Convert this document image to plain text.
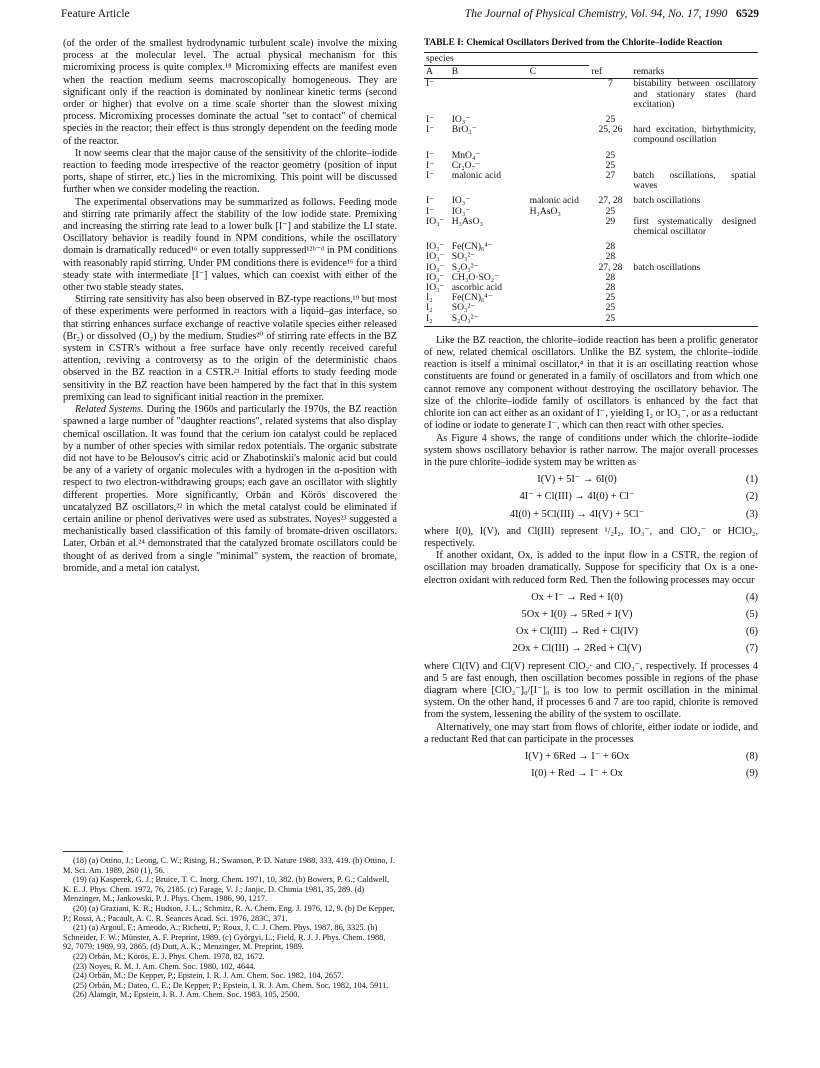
Feature Article	The Journal of Physical Chemistry, Vol. 94, No. 17, 1990 6529

(of the order of the smallest hydrodynamic turbulent scale) involve the mixing process at the molecular level. The actual physical mechanism for this micromixing process is quite complex.¹⁸ Micromixing effects are manifest even when the reaction medium seems macroscopically homogeneous. They are significant only if the reaction is dominated by nonlinear kinetic terms (second order or higher) that evolve on a time scale shorter than the slowest mixing process. Micromixing processes dominate the actual "set to contact" of chemical species in the reactor; their effect is thus strongly dependent on the feeding mode of the reactor.

It now seems clear that the major cause of the sensitivity of the chlorite–iodide reaction to feeding mode irrespective of the reactor geometry (position of input ports, shape of stirrer, etc.) lies in the micromixing. This point will be discussed further when we consider modeling the reaction.

The experimental observations may be summarized as follows. Feeding mode and stirring rate primarily affect the stability of the low iodide state. Premixing and increasing the stirring rate lead to a lower bulk [I⁻] and stabilize the LI state. Oscillatory behavior is readily found in NPM conditions, while the oscillatory domain is dramatically reduced¹⁶ or even totally suppressed¹²ᵇ⁻ᵈ in PM conditions with reasonably rapid stirring. Under PM conditions there is evidence¹⁶ for a third steady state with intermediate [I⁻] values, which can coexist with either of the other two stable steady states.

Stirring rate sensitivity has also been observed in BZ-type reactions,¹⁹ but most of these experiments were performed in reactors with a liquid–gas interface, so that stirring enhances surface exchange of reactive volatile species either released (Br₂) or dissolved (O₂) by the medium. Studies²⁰ of stirring rate effects in the BZ system in CSTR's without a free surface have only recently received careful attention, reviving a controversy as to the origin of the deterministic chaos observed in the BZ reaction in a CSTR.²¹ Initial efforts to study feeding mode sensitivity in the BZ reaction have been hampered by the fact that in this system premixing can lead to significant initial reaction in the premixer.

Related Systems. During the 1960s and particularly the 1970s, the BZ reaction spawned a large number of "daughter reactions", related systems that also display chemical oscillation. It was found that the cerium ion catalyst could be replaced by a number of other species with similar redox potentials. The organic substrate did not have to be Belousov's citric acid or Zhabotinskii's malonic acid but could be any of a variety of organic molecules with a hydrogen in the α-position with respect to two electron-withdrawing groups; each gave an oscillator with slightly different properties. More significantly, Orbán and Körös discovered the uncatalyzed BZ oscillators,²² in which the metal catalyst could be eliminated if certain aniline or phenol derivatives were used as substrates. Noyes²³ suggested a mechanistically based classification of this family of bromate-driven oscillators. Later, Orbán et al.²⁴ demonstrated that the catalyzed bromate oscillators could be thought of as derived from a single "minimal" system, the reaction of bromate, bromide, and a metal ion catalyst.

(18) (a) Ottino, J.; Leong, C. W.; Rising, H.; Swanson, P. D. Nature 1988, 333, 419. (b) Ottino, J. M. Sci. Am. 1989, 260 (1), 56.
(19) (a) Kasperek, G. J.; Bruice, T. C. Inorg. Chem. 1971, 10, 382. (b) Bowers, P. G.; Caldwell, K. E. J. Phys. Chem. 1972, 76, 2185. (c) Farage, V. J.; Janjic, D. Chimia 1981, 35, 289. (d) Menzinger, M.; Jankowski, P. J. Phys. Chem. 1986, 90, 1217.
(20) (a) Graziani, K. R.; Hudson, J. L.; Schmitz, R. A. Chem. Eng. J. 1976, 12, 9. (b) De Kepper, P.; Rossi, A.; Pacault, A. C. R. Seances Acad. Sci. 1976, 283C, 371.
(21) (a) Argoul, F.; Arneodo, A.; Richetti, P.; Roux, J. C. J. Chem. Phys. 1987, 86, 3325. (b) Schneider, F. W.; Münster, A. F. Preprint, 1989. (c) Györgyi, L.; Field, R. J. J. Phys. Chem. 1988, 92, 7079; 1989, 93, 2865. (d) Dutt, A. K.; Menzinger, M. Preprint, 1989.
(22) Orbán, M.; Körös, E. J. Phys. Chem. 1978, 82, 1672.
(23) Noyes, R. M. J. Am. Chem. Soc. 1980, 102, 4644.
(24) Orbán, M.; De Kepper, P.; Epstein, I. R. J. Am. Chem. Soc. 1982, 104, 2657.
(25) Orbán, M.; Dateo, C. E.; De Kepper, P.; Epstein, I. R. J. Am. Chem. Soc. 1982, 104, 5911.
(26) Alamgir, M.; Epstein, I. R. J. Am. Chem. Soc. 1983, 105, 2500.
TABLE I: Chemical Oscillators Derived from the Chlorite–Iodide Reaction
species				
A	B	C	ref	remarks
I⁻			7	bistability between oscillatory and stationary states (hard excitation)
I⁻	IO₃⁻		25	
I⁻	BrO₃⁻		25, 26	hard excitation, birhythmicity, compound oscillation
I⁻	MnO₄⁻		25	
I⁻	Cr₂O₇⁻		25	
I⁻	malonic acid		27	batch oscillations, spatial waves
I⁻	IO₃⁻	malonic acid	27, 28	batch oscillations
I⁻	IO₃⁻	H₃AsO₃	25	
IO₃⁻	H₃AsO₃		29	first systematically designed chemical oscillator
IO₃⁻	Fe(CN)₆⁴⁻		28	
IO₃⁻	SO₃²⁻		28	
IO₃⁻	S₂O₃²⁻		27, 28	batch oscillations
IO₃⁻	CH₃O·SO₂⁻		28	
IO₃⁻	ascorbic acid		28	
I₂	Fe(CN)₆⁴⁻		25	
I₂	SO₃²⁻		25	
I₂	S₂O₃²⁻		25	

Like the BZ reaction, the chlorite–iodide reaction has been a prolific generator of new, related chemical oscillators. Unlike the BZ system, the chlorite–iodide reaction is itself a minimal oscillator,⁴ in that it is an oscillating reaction whose constituents are found or generated in a family of oscillators and from which one cannot remove any component without destroying the oscillatory behavior. The size of the chlorite–iodide family of oscillators is enhanced by the fact that chlorite ion can act either as an oxidant of I⁻, yielding I₂ or IO₃⁻, or as a reductant of iodine or iodate to generate I⁻, which can then react with other species.

As Figure 4 shows, the range of conditions under which the chlorite–iodide system shows oscillatory behavior is rather narrow. The major overall processes in the pure chlorite–iodide system may be written as

I(V) + 5I⁻ → 6I(0)	(1)
4I⁻ + Cl(III) → 4I(0) + Cl⁻	(2)
4I(0) + 5Cl(III) → 4I(V) + 5Cl⁻	(3)

where I(0), I(V), and Cl(III) represent ¹/₂I₂, IO₃⁻, and ClO₂⁻ or HClO₂, respectively.

If another oxidant, Ox, is added to the input flow in a CSTR, the region of oscillation may broaden dramatically. Suppose for specificity that Ox is a one-electron oxidant with reduced form Red. Then the following processes may occur

Ox + I⁻ → Red + I(0)	(4)
5Ox + I(0) → 5Red + I(V)	(5)
Ox + Cl(III) → Red + Cl(IV)	(6)
2Ox + Cl(III) → 2Red + Cl(V)	(7)

where Cl(IV) and Cl(V) represent ClO₂· and ClO₃⁻, respectively. If processes 4 and 5 are fast enough, then oscillation becomes possible in regions of the phase diagram where [ClO₂⁻]₀/[I⁻]₀ is too low to permit oscillation in the minimal system. On the other hand, if processes 6 and 7 are too rapid, chlorite is removed from the system, lessening the ability of the system to oscillate.

Alternatively, one may start from flows of chlorite, either iodate or iodide, and a reductant Red that can participate in the processes

I(V) + 6Red → I⁻ + 6Ox	(8)
I(0) + Red → I⁻ + Ox	(9)
